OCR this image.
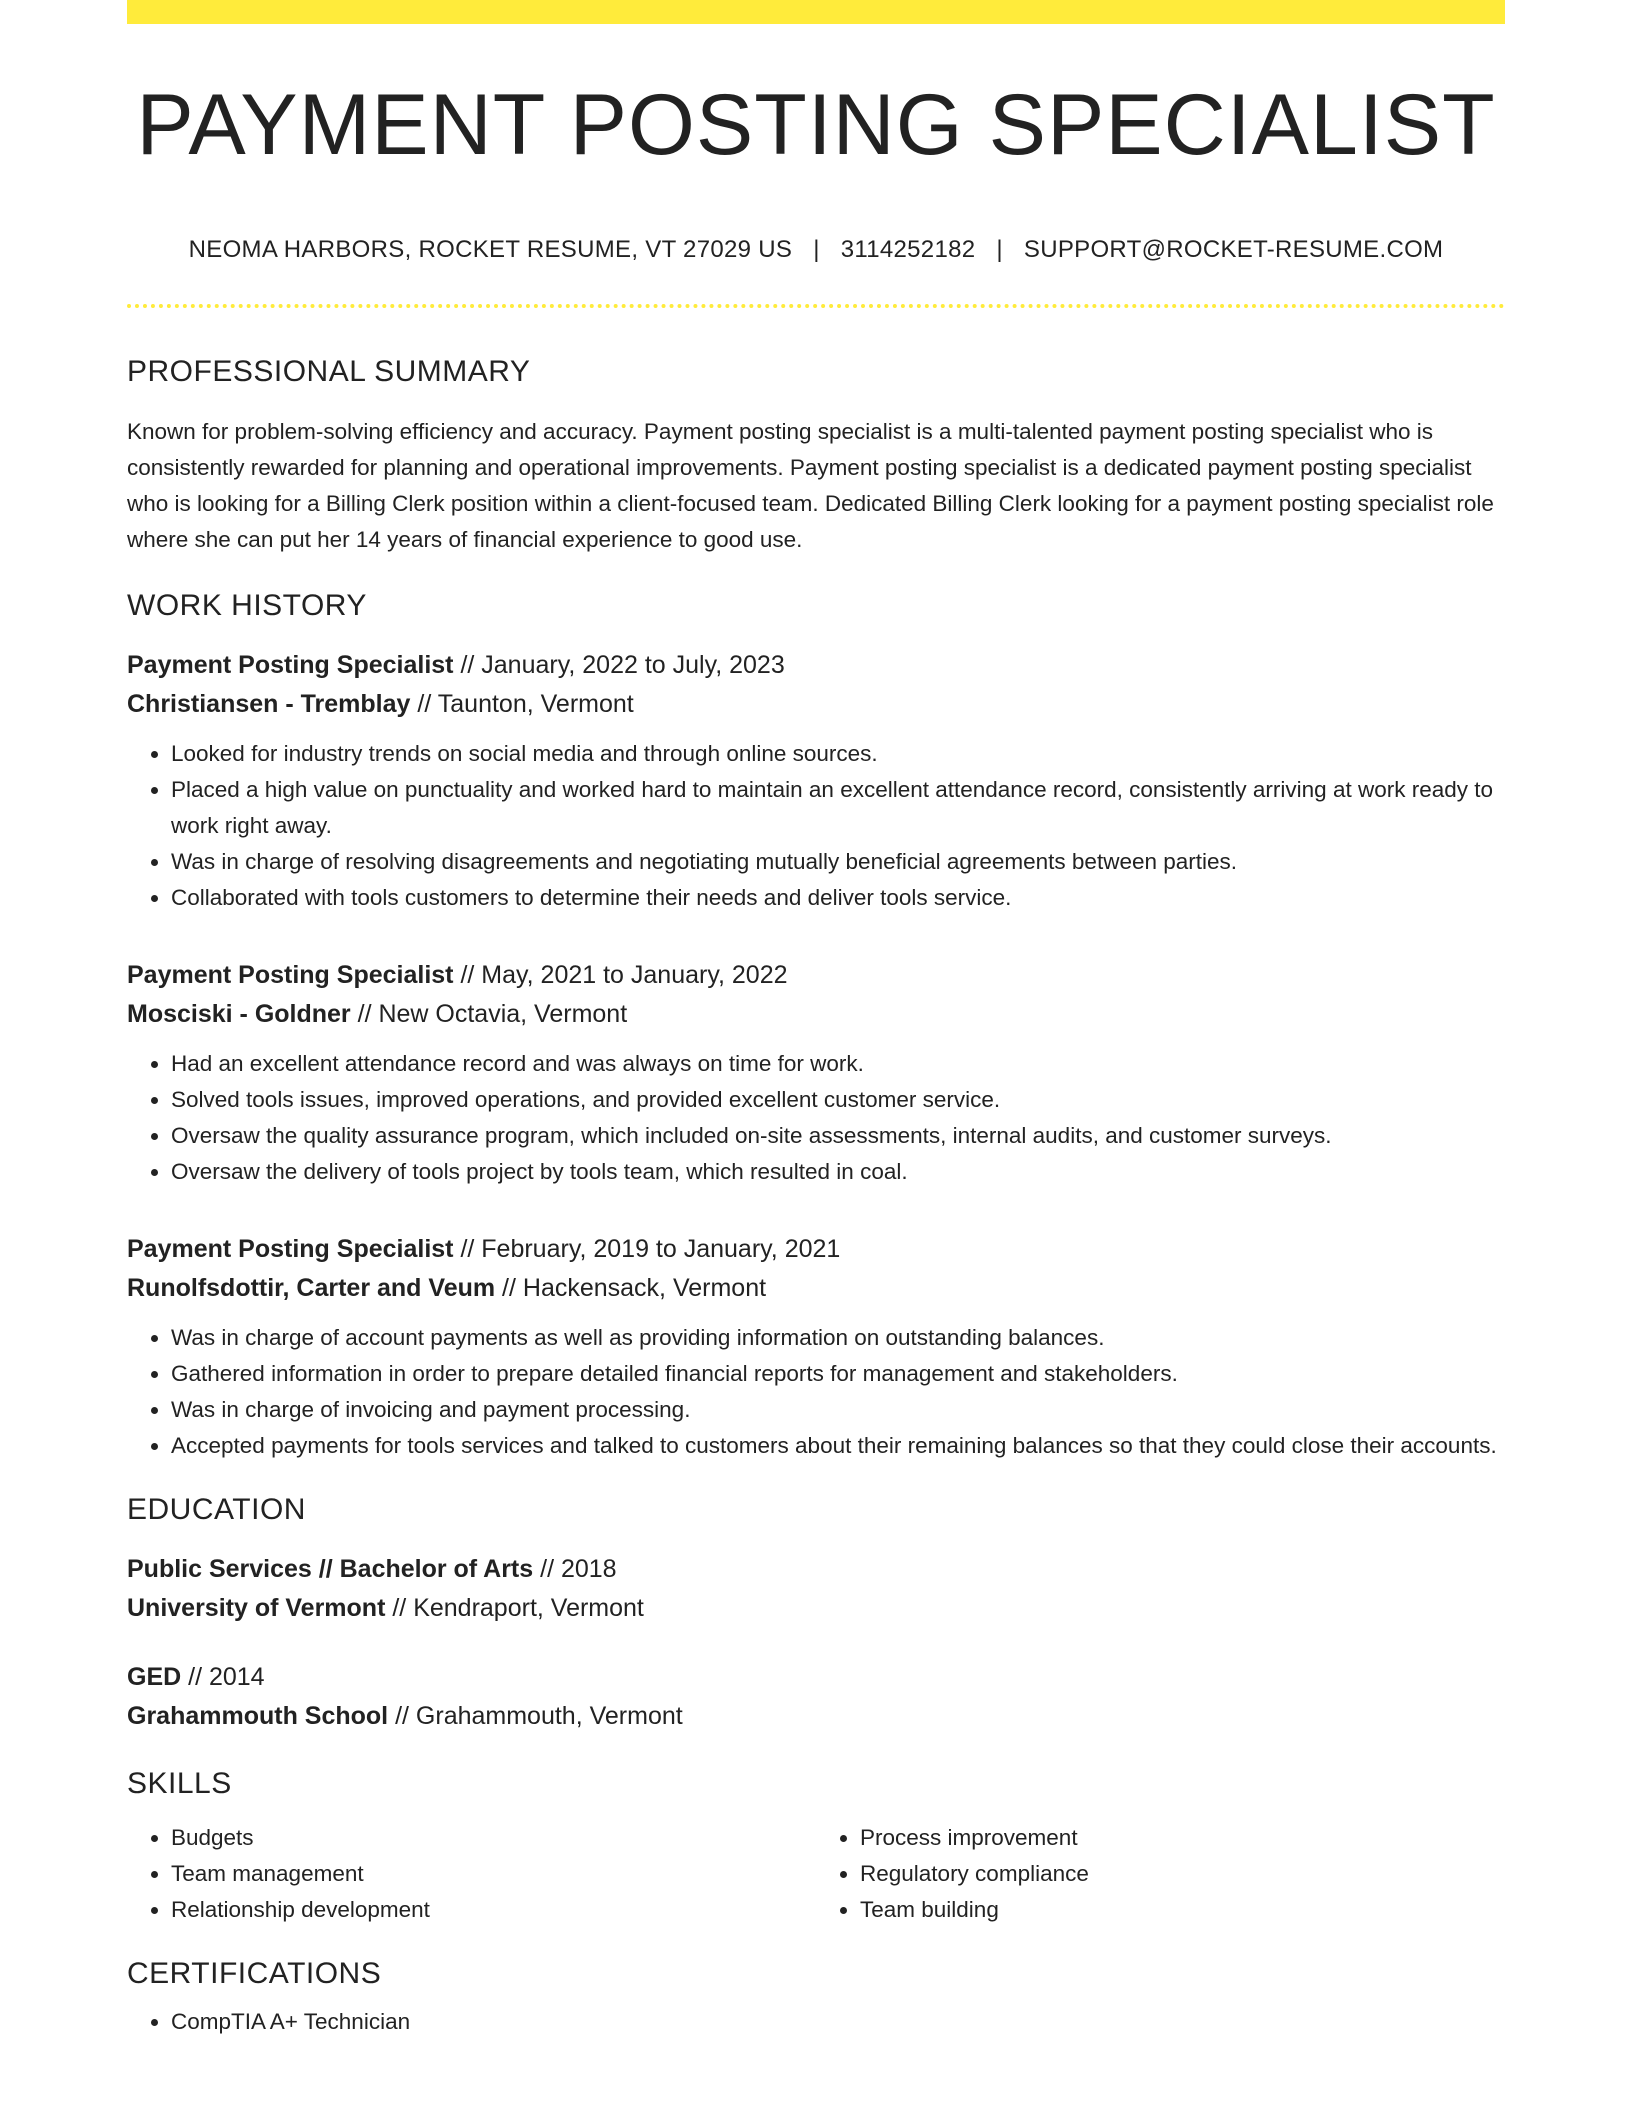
PAYMENT POSTING SPECIALIST
NEOMA HARBORS, ROCKET RESUME, VT 27029 US | 3114252182 | SUPPORT@ROCKET-RESUME.COM
PROFESSIONAL SUMMARY

Known for problem-solving efficiency and accuracy. Payment posting specialist is a multi-talented payment posting specialist who is consistently rewarded for planning and operational improvements. Payment posting specialist is a dedicated payment posting specialist who is looking for a Billing Clerk position within a client-focused team. Dedicated Billing Clerk looking for a payment posting specialist role where she can put her 14 years of financial experience to good use.

WORK HISTORY
Payment Posting Specialist // January, 2022 to July, 2023
Christiansen - Tremblay // Taunton, Vermont
• Looked for industry trends on social media and through online sources.
• Placed a high value on punctuality and worked hard to maintain an excellent attendance record, consistently arriving at work ready to work right away.
• Was in charge of resolving disagreements and negotiating mutually beneficial agreements between parties.
• Collaborated with tools customers to determine their needs and deliver tools service.
Payment Posting Specialist // May, 2021 to January, 2022
Mosciski - Goldner // New Octavia, Vermont
• Had an excellent attendance record and was always on time for work.
• Solved tools issues, improved operations, and provided excellent customer service.
• Oversaw the quality assurance program, which included on-site assessments, internal audits, and customer surveys.
• Oversaw the delivery of tools project by tools team, which resulted in coal.
Payment Posting Specialist // February, 2019 to January, 2021
Runolfsdottir, Carter and Veum // Hackensack, Vermont
• Was in charge of account payments as well as providing information on outstanding balances.
• Gathered information in order to prepare detailed financial reports for management and stakeholders.
• Was in charge of invoicing and payment processing.
• Accepted payments for tools services and talked to customers about their remaining balances so that they could close their accounts.
EDUCATION
Public Services // Bachelor of Arts // 2018
University of Vermont // Kendraport, Vermont
GED // 2014
Grahammouth School // Grahammouth, Vermont
SKILLS
• Budgets
• Team management
• Relationship development
• Process improvement
• Regulatory compliance
• Team building
CERTIFICATIONS
• CompTIA A+ Technician
